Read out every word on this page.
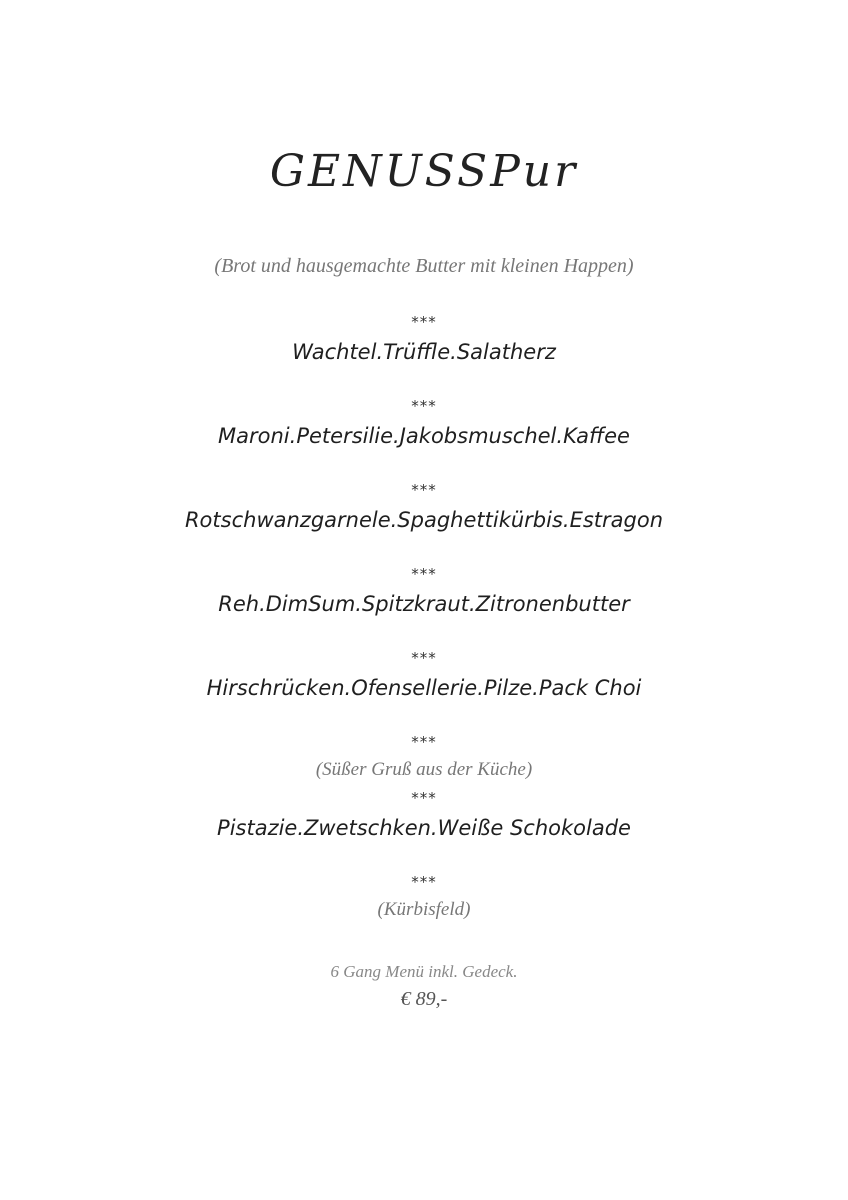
GENUSSPur
(Brot und hausgemachte Butter mit kleinen Happen)
***
Wachtel.Trüffle.Salatherz
***
Maroni.Petersilie.Jakobsmuschel.Kaffee
***
Rotschwanzgarnele.Spaghettikürbis.Estragon
***
Reh.DimSum.Spitzkraut.Zitronenbutter
***
Hirschrücken.Ofensellerie.Pilze.Pack Choi
***
(Süßer Gruß aus der Küche)
***
Pistazie.Zwetschken.Weiße Schokolade
***
(Kürbisfeld)
6 Gang Menü inkl. Gedeck.
€ 89,-
